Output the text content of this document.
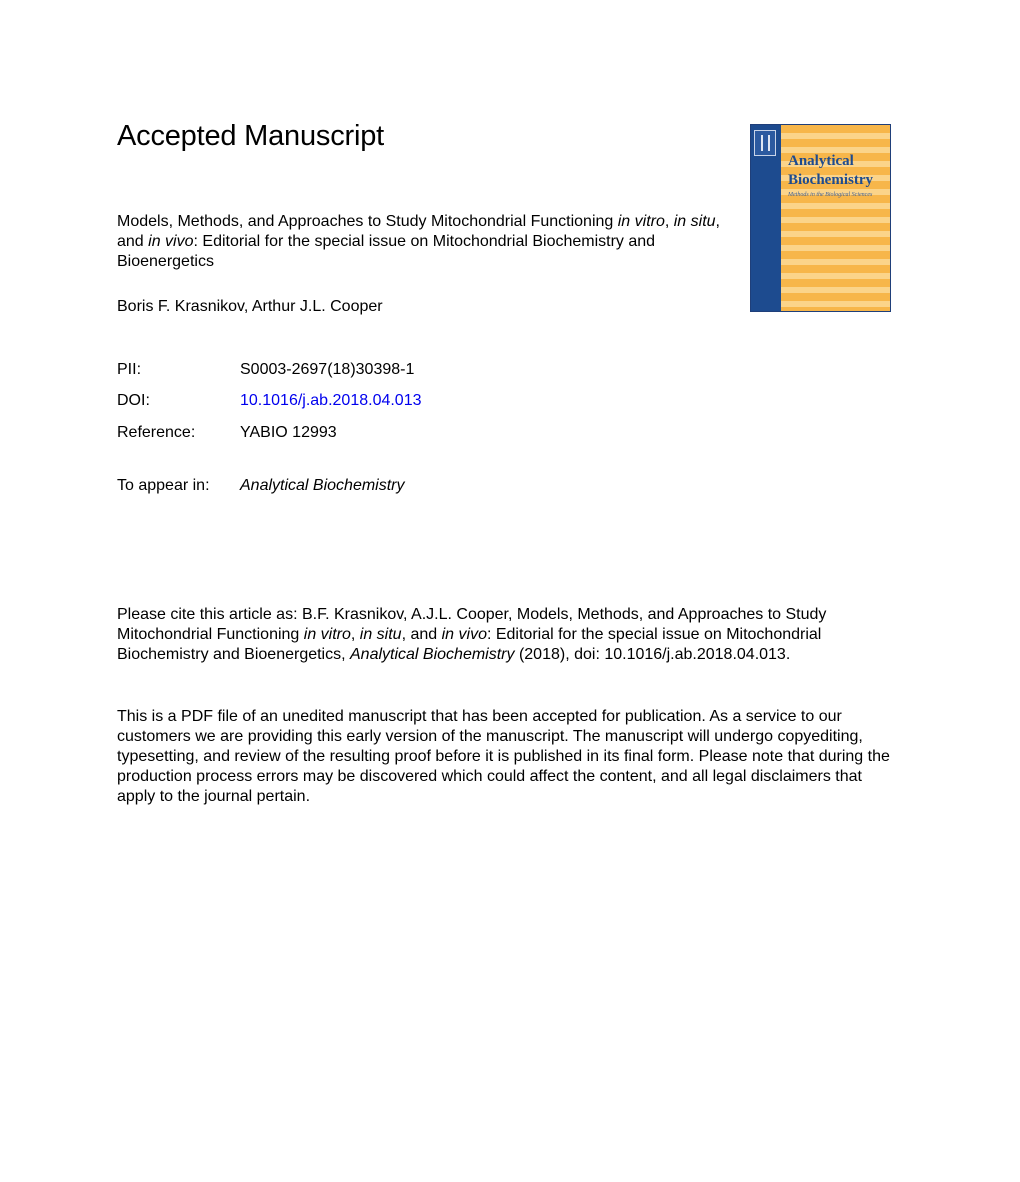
Accepted Manuscript
Models, Methods, and Approaches to Study Mitochondrial Functioning in vitro, in situ, and in vivo: Editorial for the special issue on Mitochondrial Biochemistry and Bioenergetics
Boris F. Krasnikov, Arthur J.L. Cooper
PII:	S0003-2697(18)30398-1
DOI:	10.1016/j.ab.2018.04.013
Reference:	YABIO 12993
To appear in: Analytical Biochemistry
Please cite this article as: B.F. Krasnikov, A.J.L. Cooper, Models, Methods, and Approaches to Study Mitochondrial Functioning in vitro, in situ, and in vivo: Editorial for the special issue on Mitochondrial Biochemistry and Bioenergetics, Analytical Biochemistry (2018), doi: 10.1016/j.ab.2018.04.013.
This is a PDF file of an unedited manuscript that has been accepted for publication. As a service to our customers we are providing this early version of the manuscript. The manuscript will undergo copyediting, typesetting, and review of the resulting proof before it is published in its final form. Please note that during the production process errors may be discovered which could affect the content, and all legal disclaimers that apply to the journal pertain.
Analytical
Biochemistry
Methods in the Biological Sciences
